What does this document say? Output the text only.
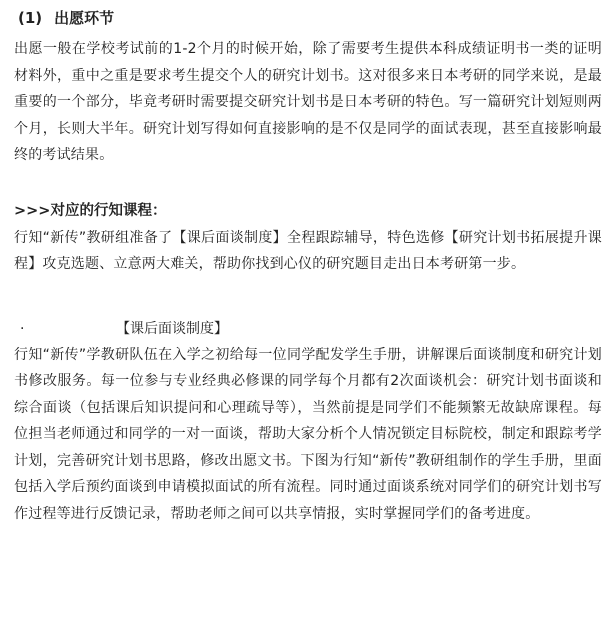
(1) 出愿环节

出愿一般在学校考试前的1-2个月的时候开始，除了需要考生提供本科成绩证明书一类的证明材料外，重中之重是要求考生提交个人的研究计划书。这对很多来日本考研的同学来说，是最重要的一个部分，毕竟考研时需要提交研究计划书是日本考研的特色。写一篇研究计划短则两个月，长则大半年。研究计划写得如何直接影响的是不仅是同学的面试表现，甚至直接影响最终的考试结果。

>>>对应的行知课程：

行知“新传”教研组准备了【课后面谈制度】全程跟踪辅导，特色选修【研究计划书拓展提升课程】攻克选题、立意两大难关，帮助你找到心仪的研究题目走出日本考研第一步。

·	【课后面谈制度】

行知“新传”学教研队伍在入学之初给每一位同学配发学生手册，讲解课后面谈制度和研究计划书修改服务。每一位参与专业经典必修课的同学每个月都有2次面谈机会：研究计划书面谈和综合面谈（包括课后知识提问和心理疏导等），当然前提是同学们不能频繁无故缺席课程。每位担当老师通过和同学的一对一面谈，帮助大家分析个人情况锁定目标院校，制定和跟踪考学计划，完善研究计划书思路，修改出愿文书。下图为行知“新传”教研组制作的学生手册，里面包括入学后预约面谈到申请模拟面试的所有流程。同时通过面谈系统对同学们的研究计划书写作过程等进行反馈记录，帮助老师之间可以共享情报，实时掌握同学们的备考进度。
